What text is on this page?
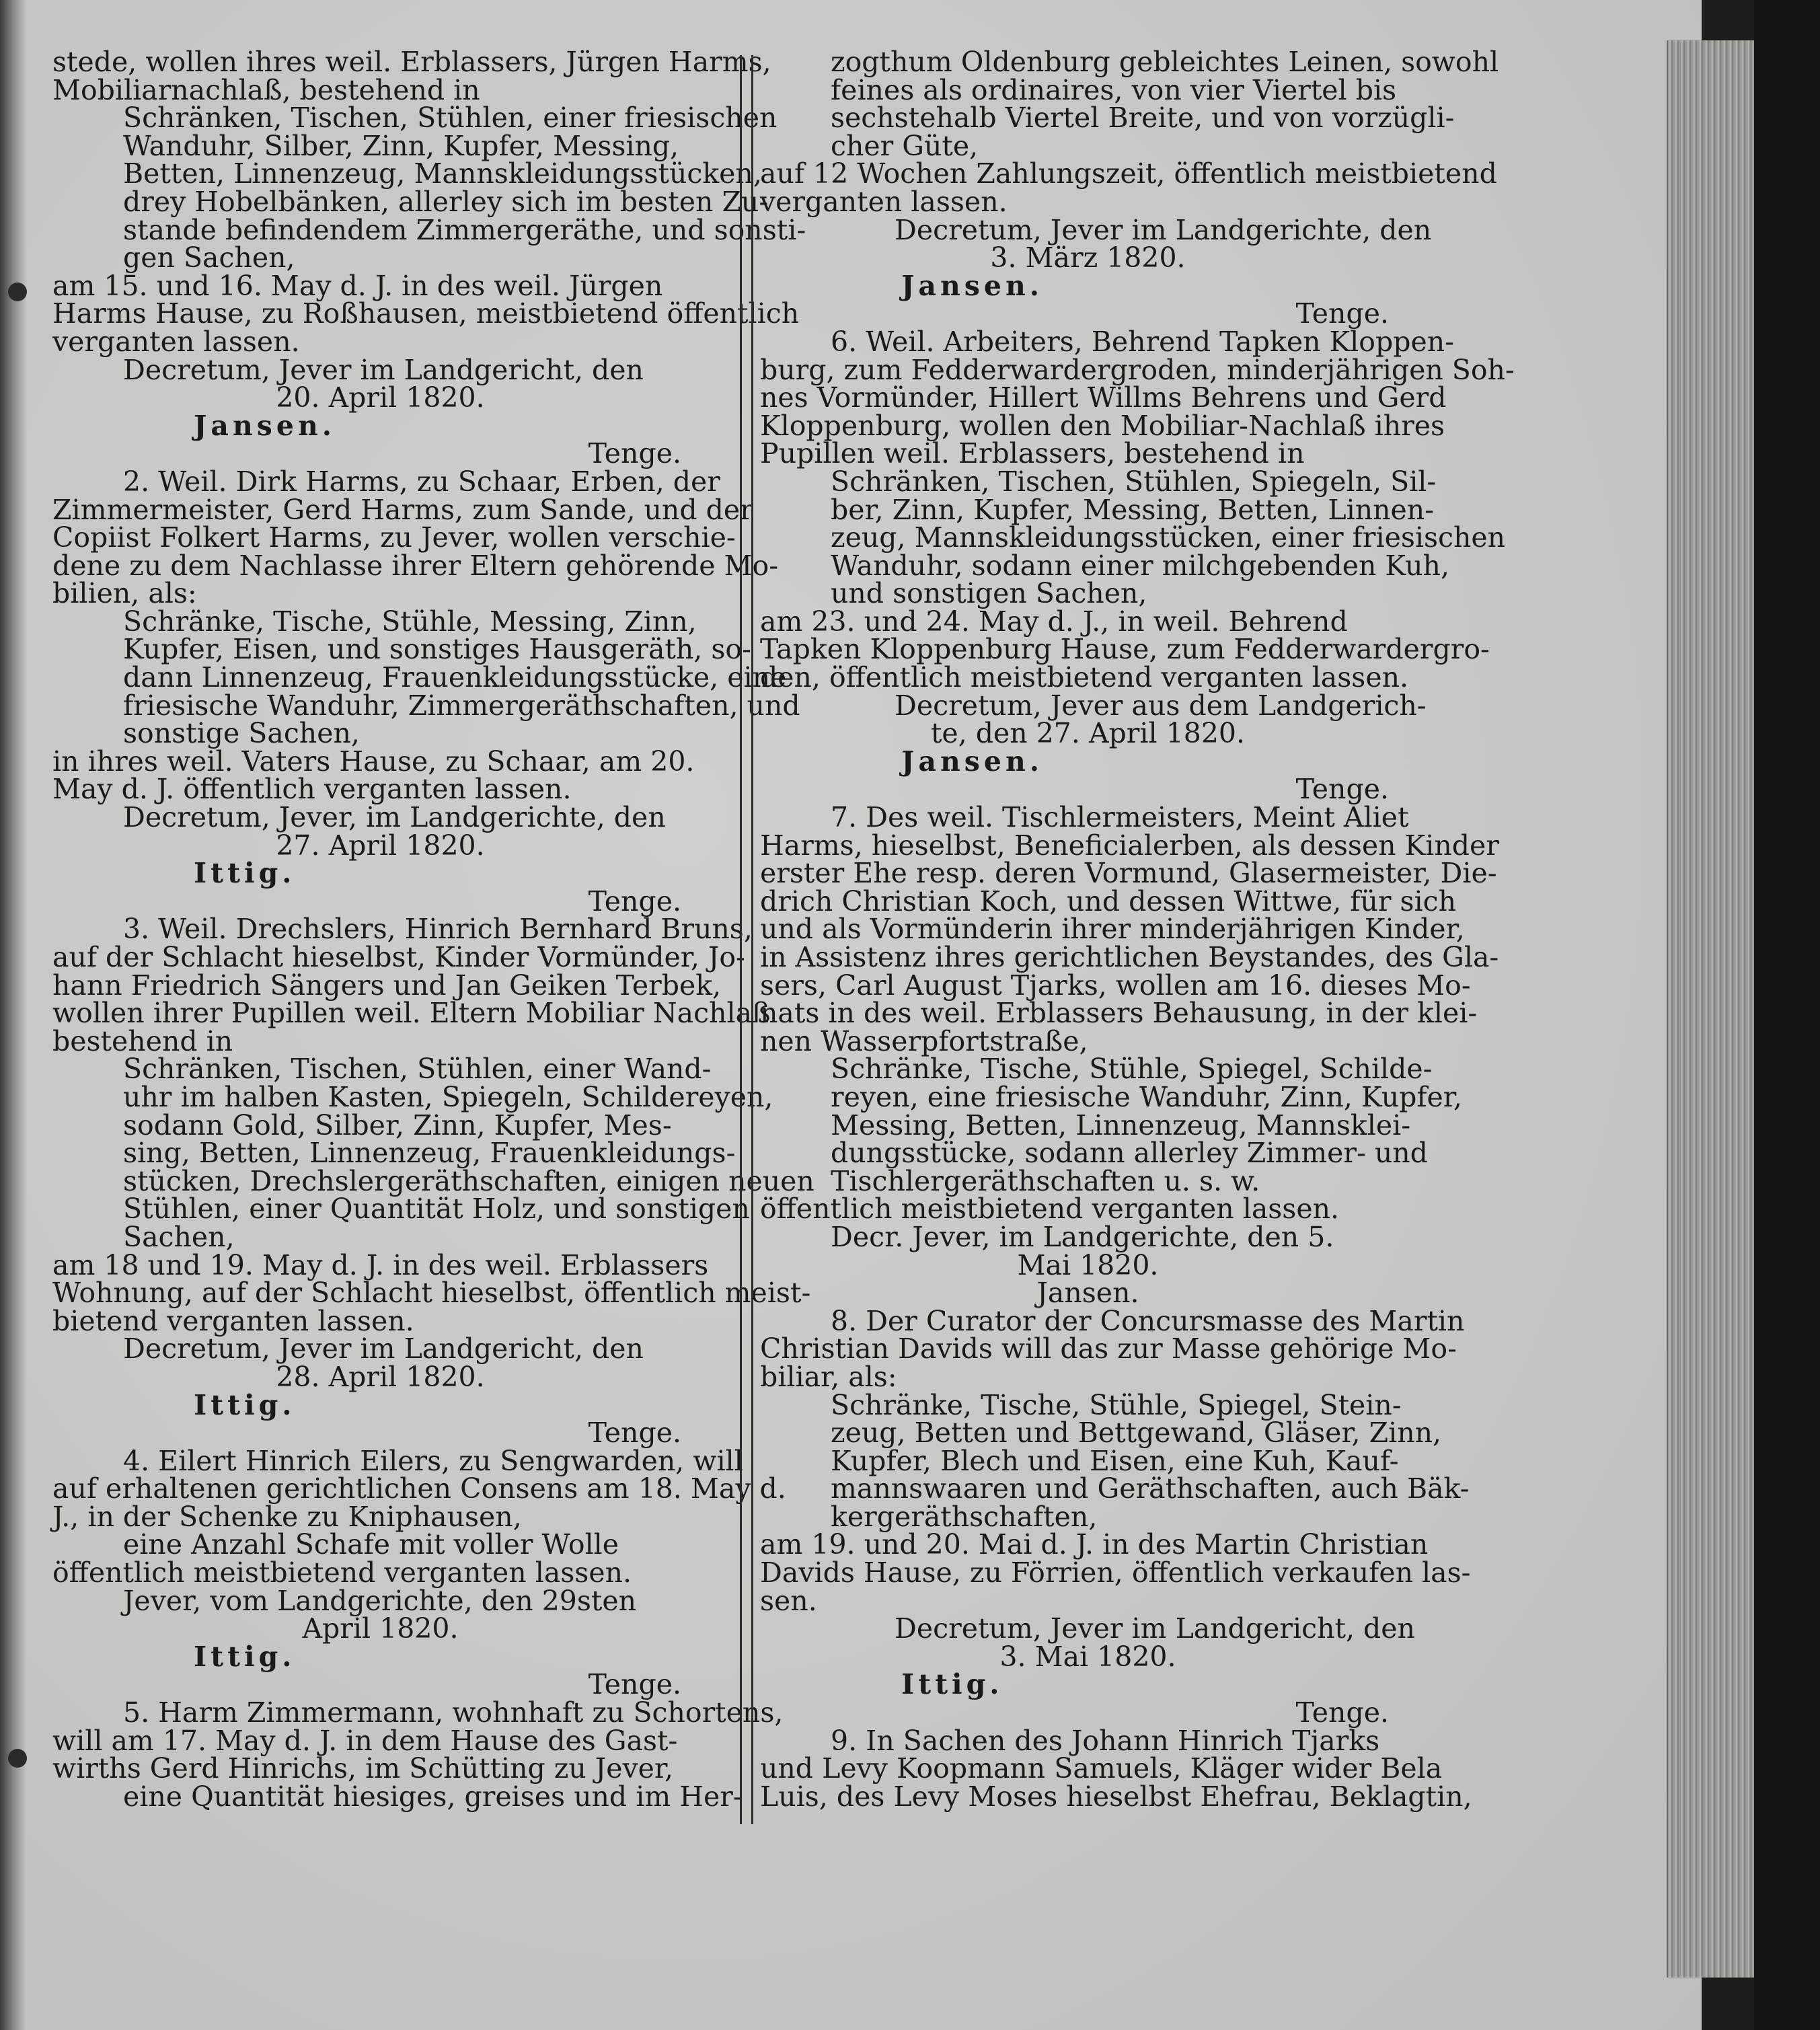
stede, wollen ihres weil. Erblassers, Jürgen Harms,

Mobiliarnachlaß, bestehend in

Schränken, Tischen, Stühlen, einer friesischen

Wanduhr, Silber, Zinn, Kupfer, Messing,

Betten, Linnenzeug, Mannskleidungsstücken,

drey Hobelbänken, allerley sich im besten Zu-

stande befindendem Zimmergeräthe, und sonsti-

gen Sachen,

am 15. und 16. May d. J. in des weil. Jürgen

Harms Hause, zu Roßhausen, meistbietend öffentlich

verganten lassen.

Decretum, Jever im Landgericht, den

20. April 1820.

Jansen.

Tenge.

2. Weil. Dirk Harms, zu Schaar, Erben, der

Zimmermeister, Gerd Harms, zum Sande, und der

Copiist Folkert Harms, zu Jever, wollen verschie-

dene zu dem Nachlasse ihrer Eltern gehörende Mo-

bilien, als:

Schränke, Tische, Stühle, Messing, Zinn,

Kupfer, Eisen, und sonstiges Hausgeräth, so-

dann Linnenzeug, Frauenkleidungsstücke, eine

friesische Wanduhr, Zimmergeräthschaften, und

sonstige Sachen,

in ihres weil. Vaters Hause, zu Schaar, am 20.

May d. J. öffentlich verganten lassen.

Decretum, Jever, im Landgerichte, den

27. April 1820.

Ittig.

Tenge.

3. Weil. Drechslers, Hinrich Bernhard Bruns,

auf der Schlacht hieselbst, Kinder Vormünder, Jo-

hann Friedrich Sängers und Jan Geiken Terbek,

wollen ihrer Pupillen weil. Eltern Mobiliar Nachlaß

bestehend in

Schränken, Tischen, Stühlen, einer Wand-

uhr im halben Kasten, Spiegeln, Schildereyen,

sodann Gold, Silber, Zinn, Kupfer, Mes-

sing, Betten, Linnenzeug, Frauenkleidungs-

stücken, Drechslergeräthschaften, einigen neuen

Stühlen, einer Quantität Holz, und sonstigen

Sachen,

am 18 und 19. May d. J. in des weil. Erblassers

Wohnung, auf der Schlacht hieselbst, öffentlich meist-

bietend verganten lassen.

Decretum, Jever im Landgericht, den

28. April 1820.

Ittig.

Tenge.

4. Eilert Hinrich Eilers, zu Sengwarden, will

auf erhaltenen gerichtlichen Consens am 18. May d.

J., in der Schenke zu Kniphausen,

eine Anzahl Schafe mit voller Wolle

öffentlich meistbietend verganten lassen.

Jever, vom Landgerichte, den 29sten

April 1820.

Ittig.

Tenge.

5. Harm Zimmermann, wohnhaft zu Schortens,

will am 17. May d. J. in dem Hause des Gast-

wirths Gerd Hinrichs, im Schütting zu Jever,

eine Quantität hiesiges, greises und im Her-

zogthum Oldenburg gebleichtes Leinen, sowohl

feines als ordinaires, von vier Viertel bis

sechstehalb Viertel Breite, und von vorzügli-

cher Güte,

auf 12 Wochen Zahlungszeit, öffentlich meistbietend

verganten lassen.

Decretum, Jever im Landgerichte, den

3. März 1820.

Jansen.

Tenge.

6. Weil. Arbeiters, Behrend Tapken Kloppen-

burg, zum Fedderwardergroden, minderjährigen Soh-

nes Vormünder, Hillert Willms Behrens und Gerd

Kloppenburg, wollen den Mobiliar-Nachlaß ihres

Pupillen weil. Erblassers, bestehend in

Schränken, Tischen, Stühlen, Spiegeln, Sil-

ber, Zinn, Kupfer, Messing, Betten, Linnen-

zeug, Mannskleidungsstücken, einer friesischen

Wanduhr, sodann einer milchgebenden Kuh,

und sonstigen Sachen,

am 23. und 24. May d. J., in weil. Behrend

Tapken Kloppenburg Hause, zum Fedderwardergro-

den, öffentlich meistbietend verganten lassen.

Decretum, Jever aus dem Landgerich-

te, den 27. April 1820.

Jansen.

Tenge.

7. Des weil. Tischlermeisters, Meint Aliet

Harms, hieselbst, Beneficialerben, als dessen Kinder

erster Ehe resp. deren Vormund, Glasermeister, Die-

drich Christian Koch, und dessen Wittwe, für sich

und als Vormünderin ihrer minderjährigen Kinder,

in Assistenz ihres gerichtlichen Beystandes, des Gla-

sers, Carl August Tjarks, wollen am 16. dieses Mo-

nats in des weil. Erblassers Behausung, in der klei-

nen Wasserpfortstraße,

Schränke, Tische, Stühle, Spiegel, Schilde-

reyen, eine friesische Wanduhr, Zinn, Kupfer,

Messing, Betten, Linnenzeug, Mannsklei-

dungsstücke, sodann allerley Zimmer- und

Tischlergeräthschaften u. s. w.

öffentlich meistbietend verganten lassen.

Decr. Jever, im Landgerichte, den 5.

Mai 1820.

Jansen.

8. Der Curator der Concursmasse des Martin

Christian Davids will das zur Masse gehörige Mo-

biliar, als:

Schränke, Tische, Stühle, Spiegel, Stein-

zeug, Betten und Bettgewand, Gläser, Zinn,

Kupfer, Blech und Eisen, eine Kuh, Kauf-

mannswaaren und Geräthschaften, auch Bäk-

kergeräthschaften,

am 19. und 20. Mai d. J. in des Martin Christian

Davids Hause, zu Förrien, öffentlich verkaufen las-

sen.

Decretum, Jever im Landgericht, den

3. Mai 1820.

Ittig.

Tenge.

9. In Sachen des Johann Hinrich Tjarks

und Levy Koopmann Samuels, Kläger wider Bela

Luis, des Levy Moses hieselbst Ehefrau, Beklagtin,
